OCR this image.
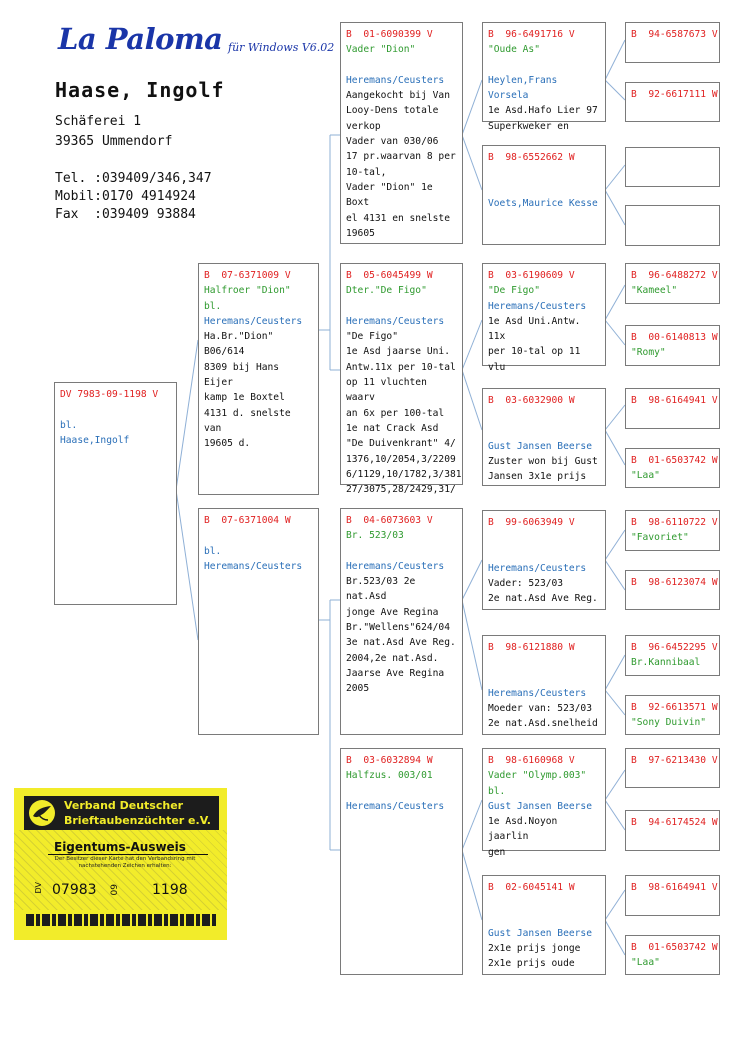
La Paloma für Windows V6.02
Haase, Ingolf
Schäferei 1
39365 Ummendorf
Tel. :039409/346,347
Mobil:0170 4914924
Fax  :039409 93884
DV 7983-09-1198 V
bl.
Haase,Ingolf
B  07-6371009 V
Halfroer "Dion"
bl.
Heremans/Ceusters
Ha.Br."Dion" B06/614
8309 bij Hans Eijer
kamp 1e Boxtel
4131 d. snelste van
19605 d.
B  07-6371004 W
bl.
Heremans/Ceusters
B  01-6090399 V
Vader "Dion"
Heremans/Ceusters
Aangekocht bij Van
Looy-Dens totale
verkop
Vader van 030/06
17 pr.waarvan 8 per
10-tal,
Vader "Dion" 1e Boxt
el 4131 en snelste
19605
B  05-6045499 W
Dter."De Figo"
Heremans/Ceusters
"De Figo"
1e Asd jaarse Uni.
Antw.11x per 10-tal
op 11 vluchten waarv
an 6x per 100-tal
1e nat Crack Asd
"De Duivenkrant" 4/
1376,10/2054,3/2209
6/1129,10/1782,3/381
27/3075,28/2429,31/
B  04-6073603 V
Br. 523/03
Heremans/Ceusters
Br.523/03 2e nat.Asd
jonge Ave Regina
Br."Wellens"624/04
3e nat.Asd Ave Reg.
2004,2e nat.Asd.
Jaarse Ave Regina
2005
B  03-6032894 W
Halfzus. 003/01
Heremans/Ceusters
B  96-6491716 V
"Oude As"
Heylen,Frans Vorsela
1e Asd.Hafo Lier 97
Superkweker en
B  98-6552662 W
Voets,Maurice Kesse
B  03-6190609 V
"De Figo"
Heremans/Ceusters
1e Asd Uni.Antw. 11x
per 10-tal op 11 vlu
B  03-6032900 W
Gust Jansen Beerse
Zuster won bij Gust
Jansen 3x1e prijs
B  99-6063949 V
Heremans/Ceusters
Vader: 523/03
2e nat.Asd Ave Reg.
B  98-6121880 W
Heremans/Ceusters
Moeder van: 523/03
2e nat.Asd.snelheid
B  98-6160968 V
Vader "Olymp.003"
bl.
Gust Jansen Beerse
1e Asd.Noyon jaarlin
gen
B  02-6045141 W
Gust Jansen Beerse
2x1e prijs jonge
2x1e prijs oude
B  94-6587673 V
B  92-6617111 W
B  96-6488272 V
"Kameel"
B  00-6140813 W
"Romy"
B  98-6164941 V
B  01-6503742 W
"Laa"
B  98-6110722 V
"Favoriet"
B  98-6123074 W
B  96-6452295 V
Br.Kannibaal
B  92-6613571 W
"Sony Duivin"
B  97-6213430 V
B  94-6174524 W
B  98-6164941 V
B  01-6503742 W
"Laa"
Verband Deutscher
Brieftaubenzüchter e.V.
Eigentums-Ausweis
Der Besitzer dieser Karte hat den Verbandsring mit nachstehenden Zeichen erhalten:
DV 07983 09 1198
